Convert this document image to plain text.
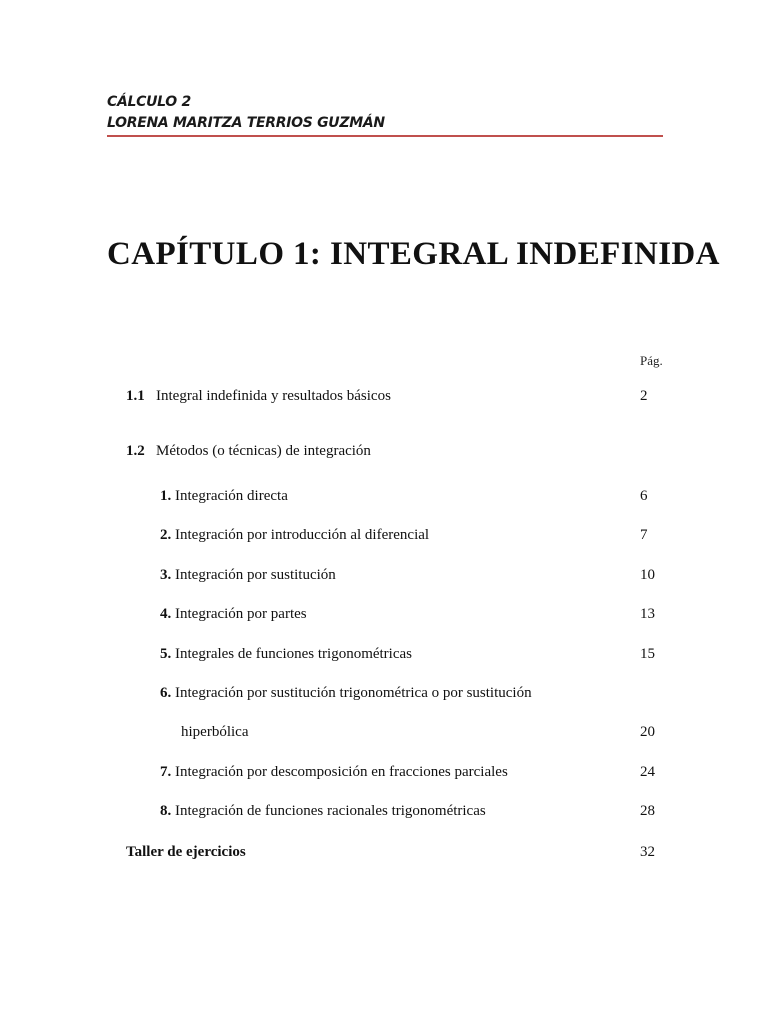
CÁLCULO 2
LORENA MARITZA TERRIOS GUZMÁN
CAPÍTULO 1: INTEGRAL INDEFINIDA
Pág.
1.1 Integral indefinida y resultados básicos	2
1.2 Métodos (o técnicas) de integración
1. Integración directa	6
2. Integración por introducción al diferencial	7
3. Integración por sustitución	10
4. Integración por partes	13
5. Integrales de funciones trigonométricas	15
6. Integración por sustitución trigonométrica o por sustitución
hiperbólica	20
7. Integración por descomposición en fracciones parciales	24
8. Integración de funciones racionales trigonométricas	28
Taller de ejercicios	32
